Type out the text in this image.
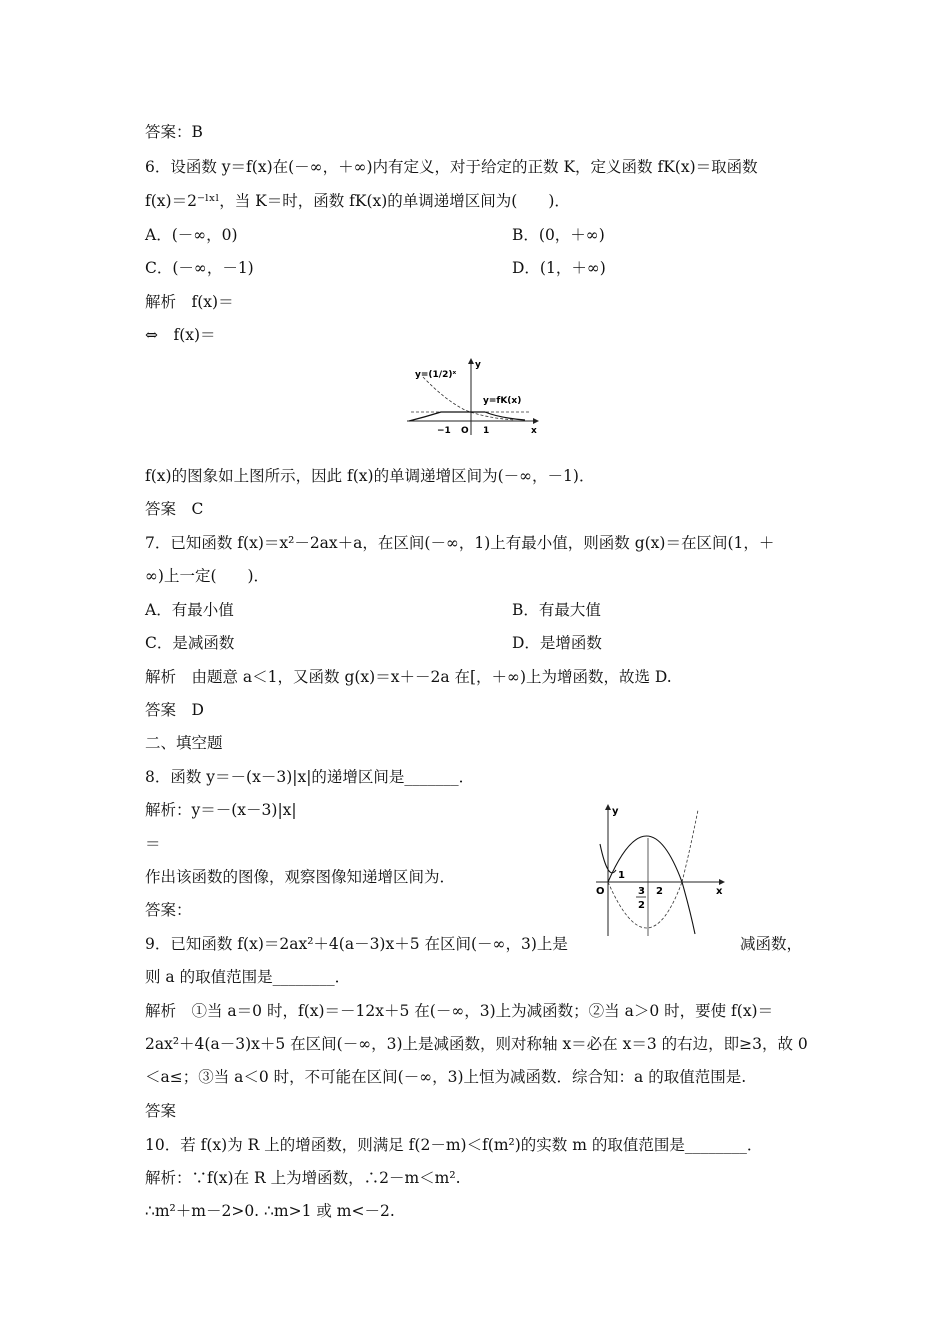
答案：B
6．设函数 y＝f(x)在(－∞，＋∞)内有定义，对于给定的正数 K，定义函数 fK(x)＝取函数
f(x)＝2⁻ˡˣˡ，当 K＝时，函数 fK(x)的单调递增区间为(　　)．
A．(－∞，0)	B．(0，＋∞)
C．(－∞，－1)	D．(1，＋∞)
解析　f(x)＝
⇔　f(x)＝
y=(1/2)ˣ
y=fK(x)
y
x
−1 O 1
f(x)的图象如上图所示，因此 f(x)的单调递增区间为(－∞，－1)．
答案　C
7．已知函数 f(x)＝x²－2ax＋a，在区间(－∞，1)上有最小值，则函数 g(x)＝在区间(1，＋
∞)上一定(　　)．
A．有最小值	B．有最大值
C．是减函数	D．是增函数
解析　由题意 a＜1，又函数 g(x)＝x＋－2a 在[，＋∞)上为增函数，故选 D.
答案　D
二、填空题
8．函数 y＝－(x－3)|x|的递增区间是_______．
解析：y＝－(x－3)|x|
＝
作出该函数的图像，观察图像知递增区间为．
y
x
O
1
3
2
2
答案：
9．已知函数 f(x)＝2ax²＋4(a－3)x＋5 在区间(－∞，3)上是	减函数，
则 a 的取值范围是________．
解析　①当 a＝0 时，f(x)＝－12x＋5 在(－∞，3)上为减函数；②当 a＞0 时，要使 f(x)＝
2ax²＋4(a－3)x＋5 在区间(－∞，3)上是减函数，则对称轴 x＝必在 x＝3 的右边，即≥3，故 0
＜a≤；③当 a＜0 时，不可能在区间(－∞，3)上恒为减函数．综合知：a 的取值范围是.
答案
10．若 f(x)为 R 上的增函数，则满足 f(2－m)＜f(m²)的实数 m 的取值范围是________．
解析：∵f(x)在 R 上为增函数，∴2－m＜m².
∴m²＋m－2>0. ∴m>1 或 m<－2.
